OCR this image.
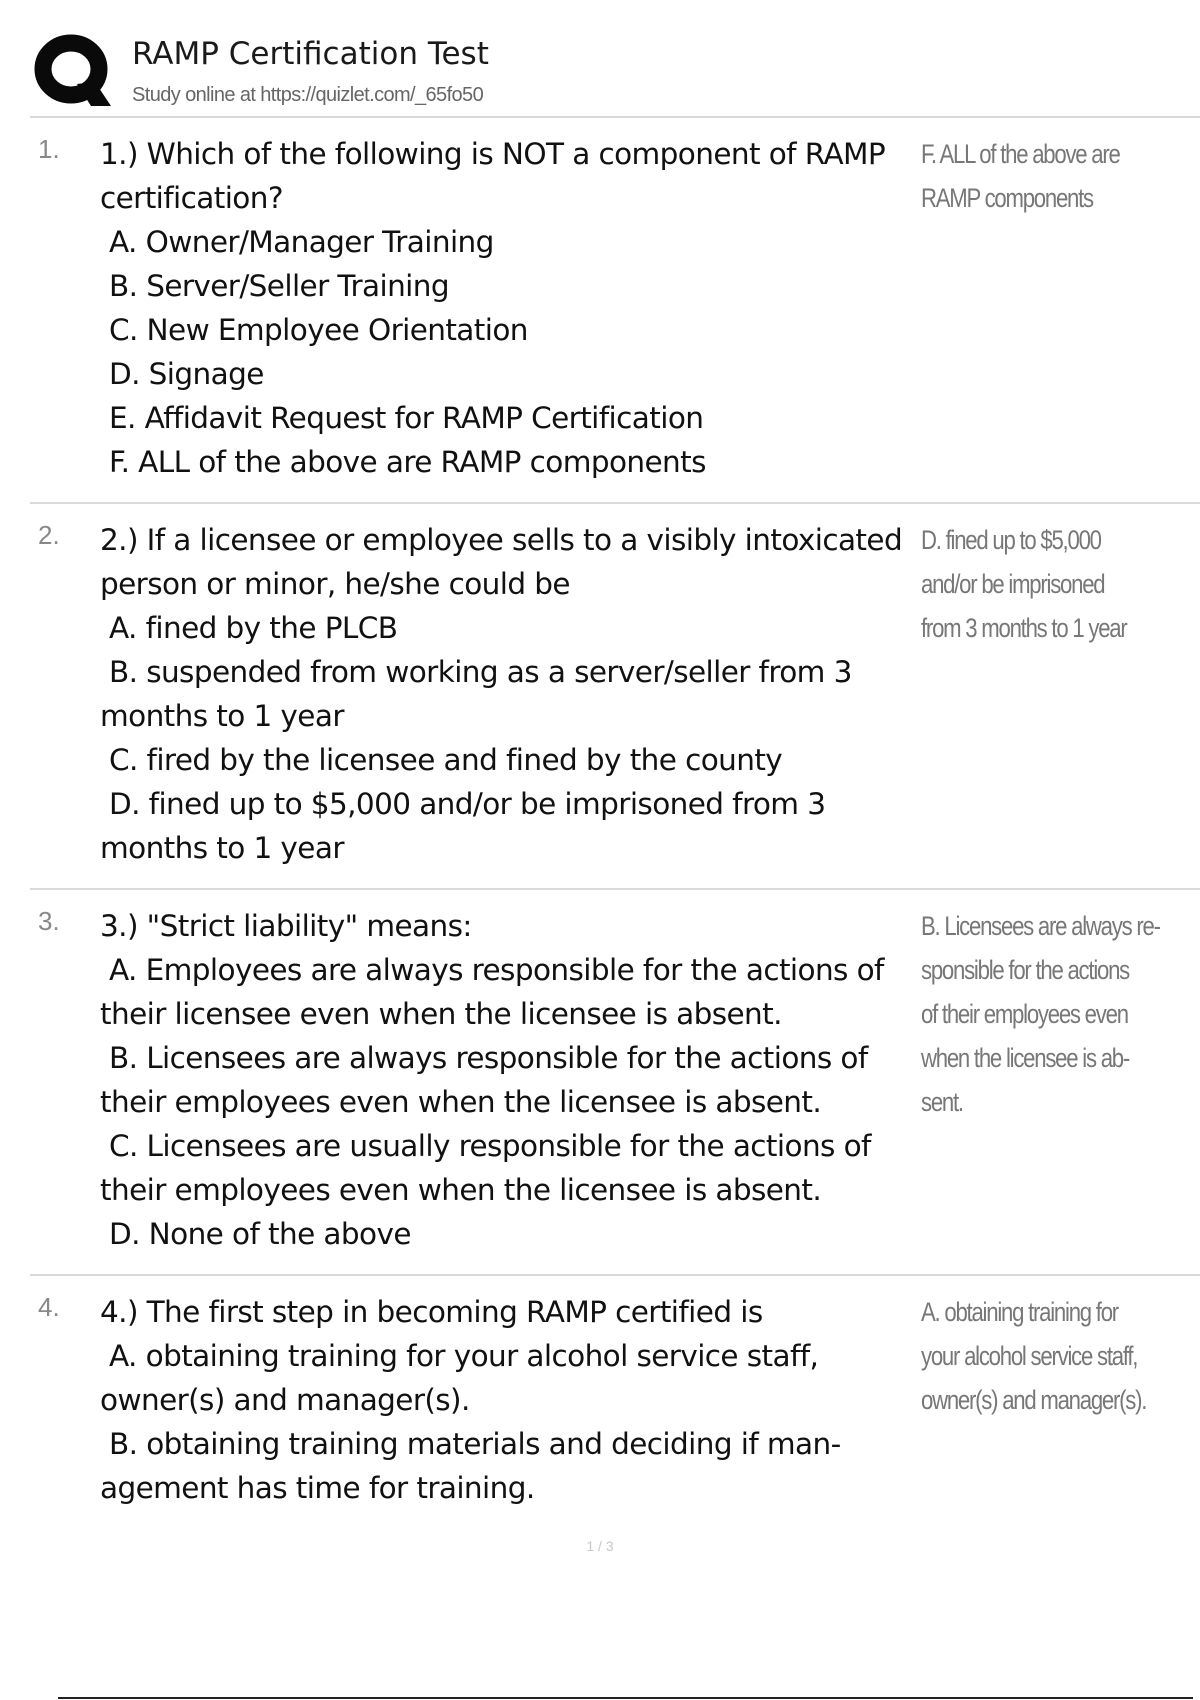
RAMP Certification Test
Study online at https://quizlet.com/_65fo50
1. 1.) Which of the following is NOT a component of RAMP
certification?
A. Owner/Manager Training
B. Server/Seller Training
C. New Employee Orientation
D. Signage
E. Affidavit Request for RAMP Certification
F. ALL of the above are RAMP components
F. ALL of the above are
RAMP components
2. 2.) If a licensee or employee sells to a visibly intoxicated
person or minor, he/she could be
A. fined by the PLCB
B. suspended from working as a server/seller from 3
months to 1 year
C. fired by the licensee and fined by the county
D. fined up to $5,000 and/or be imprisoned from 3
months to 1 year
D. fined up to $5,000
and/or be imprisoned
from 3 months to 1 year
3. 3.) "Strict liability" means:
A. Employees are always responsible for the actions of
their licensee even when the licensee is absent.
B. Licensees are always responsible for the actions of
their employees even when the licensee is absent.
C. Licensees are usually responsible for the actions of
their employees even when the licensee is absent.
D. None of the above
B. Licensees are always re-
sponsible for the actions
of their employees even
when the licensee is ab-
sent.
4. 4.) The first step in becoming RAMP certified is
A. obtaining training for your alcohol service staff,
owner(s) and manager(s).
B. obtaining training materials and deciding if man-
agement has time for training.
A. obtaining training for
your alcohol service staff,
owner(s) and manager(s).
1 / 3
